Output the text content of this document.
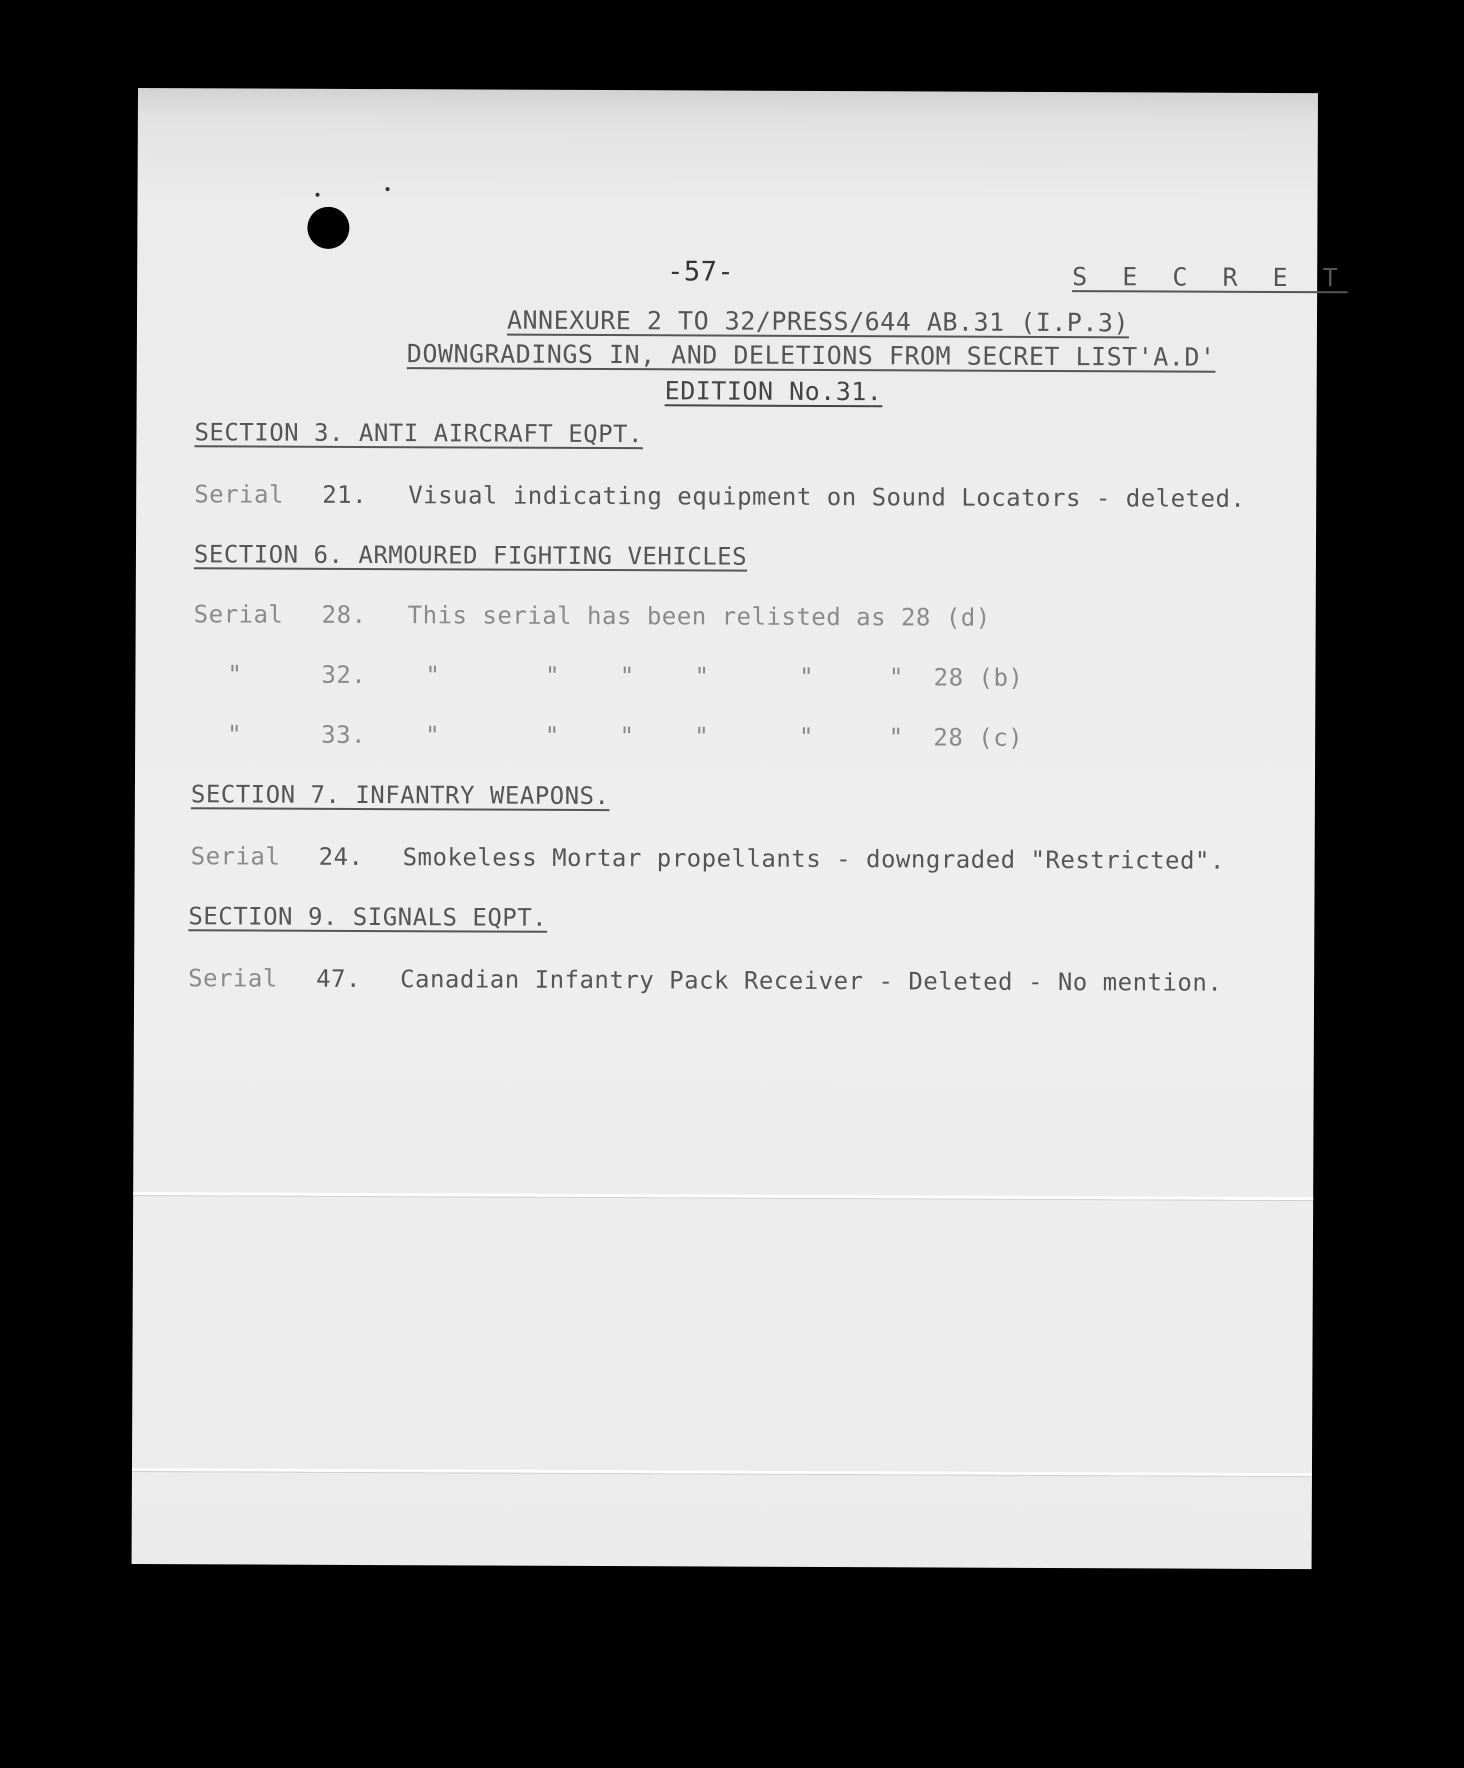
-57-	S E C R E T
ANNEXURE 2 TO 32/PRESS/644 AB.31 (I.P.3)
DOWNGRADINGS IN, AND DELETIONS FROM SECRET LIST'A.D'
EDITION No.31.
SECTION 3. ANTI AIRCRAFT EQPT.
Serial 21. Visual indicating equipment on Sound Locators - deleted.
SECTION 6. ARMOURED FIGHTING VEHICLES
Serial 28. This serial has been relisted as 28 (d)
"	32. "       "    "    "      "     "  28 (b)
"	33. "       "    "    "      "     "  28 (c)
SECTION 7. INFANTRY WEAPONS.
Serial 24. Smokeless Mortar propellants - downgraded "Restricted".
SECTION 9. SIGNALS EQPT.
Serial 47. Canadian Infantry Pack Receiver - Deleted - No mention.
